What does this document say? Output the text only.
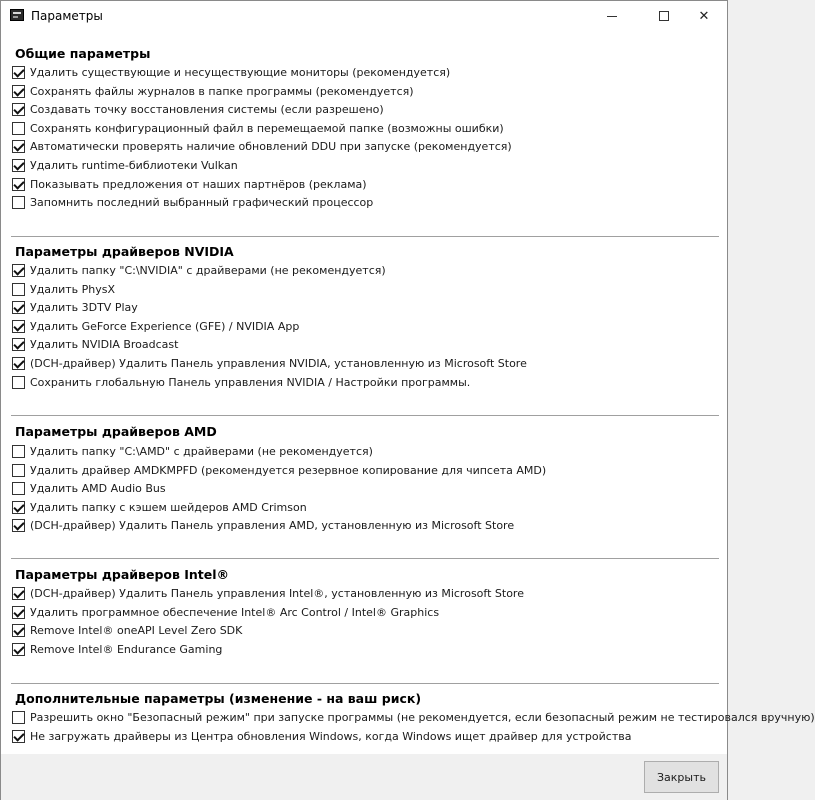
Параметры	✕
Общие параметры
Удалить существующие и несуществующие мониторы (рекомендуется)
Сохранять файлы журналов в папке программы (рекомендуется)
Создавать точку восстановления системы (если разрешено)
Сохранять конфигурационный файл в перемещаемой папке (возможны ошибки)
Автоматически проверять наличие обновлений DDU при запуске (рекомендуется)
Удалить runtime-библиотеки Vulkan
Показывать предложения от наших партнёров (реклама)
Запомнить последний выбранный графический процессор
Параметры драйверов NVIDIA
Удалить папку "C:\NVIDIA" с драйверами (не рекомендуется)
Удалить PhysX
Удалить 3DTV Play
Удалить GeForce Experience (GFE) / NVIDIA App
Удалить NVIDIA Broadcast
(DCH-драйвер) Удалить Панель управления NVIDIA, установленную из Microsoft Store
Сохранить глобальную Панель управления NVIDIA / Настройки программы.
Параметры драйверов AMD
Удалить папку "C:\AMD" с драйверами (не рекомендуется)
Удалить драйвер AMDKMPFD (рекомендуется резервное копирование для чипсета AMD)
Удалить AMD Audio Bus
Удалить папку с кэшем шейдеров AMD Crimson
(DCH-драйвер) Удалить Панель управления AMD, установленную из Microsoft Store
Параметры драйверов Intel®
(DCH-драйвер) Удалить Панель управления Intel®, установленную из Microsoft Store
Удалить программное обеспечение Intel® Arc Control / Intel® Graphics
Remove Intel® oneAPI Level Zero SDK
Remove Intel® Endurance Gaming
Дополнительные параметры (изменение - на ваш риск)
Разрешить окно "Безопасный режим" при запуске программы (не рекомендуется, если безопасный режим не тестировался вручную)
Не загружать драйверы из Центра обновления Windows, когда Windows ищет драйвер для устройства
Закрыть
